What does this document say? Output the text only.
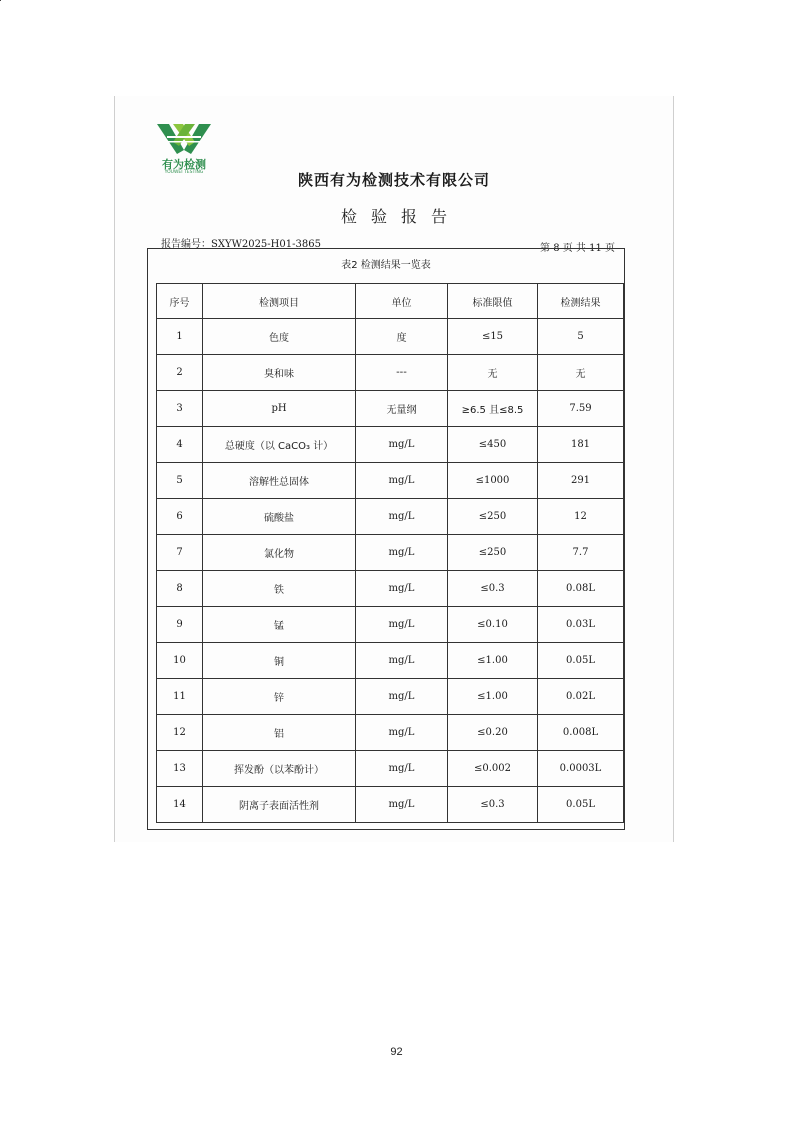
有为检测
YOUWEI TESTING	陕西有为检测技术有限公司
检验报告
报告编号：SXYW2025-H01-3865	第 8 页 共 11 页
表2 检测结果一览表
序号	检测项目	单位	标准限值	检测结果
1	色度	度	≤15	5
2	臭和味	---	无	无
3	pH	无量纲	≥6.5 且≤8.5	7.59
4	总硬度（以 CaCO₃ 计）	mg/L	≤450	181
5	溶解性总固体	mg/L	≤1000	291
6	硫酸盐	mg/L	≤250	12
7	氯化物	mg/L	≤250	7.7
8	铁	mg/L	≤0.3	0.08L
9	锰	mg/L	≤0.10	0.03L
10	铜	mg/L	≤1.00	0.05L
11	锌	mg/L	≤1.00	0.02L
12	铝	mg/L	≤0.20	0.008L
13	挥发酚（以苯酚计）	mg/L	≤0.002	0.0003L
14	阴离子表面活性剂	mg/L	≤0.3	0.05L
92
